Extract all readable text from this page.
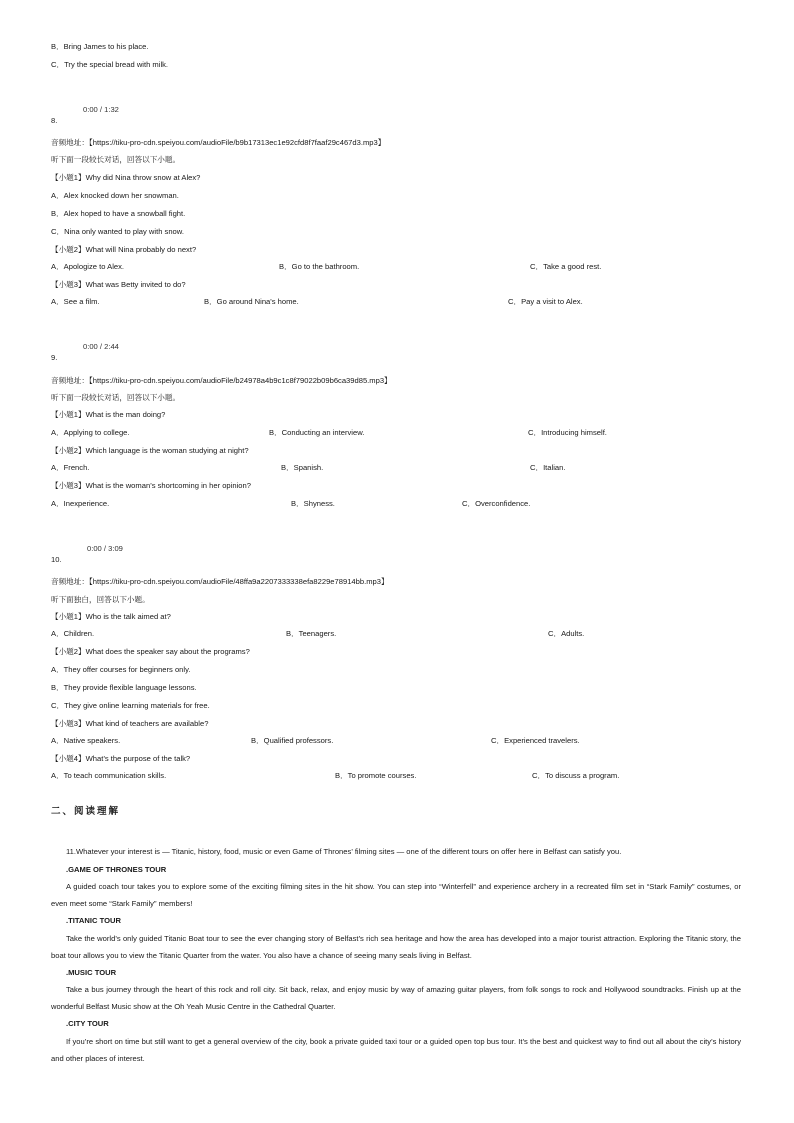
B．Bring James to his place.
C．Try the special bread with milk.
0:00 / 1:32
8.
音频地址：【https://tiku-pro-cdn.speiyou.com/audioFile/b9b17313ec1e92cfd8f7faaf29c467d3.mp3】
听下面一段较长对话，回答以下小题。
【小题1】Why did Nina throw snow at Alex?
A．Alex knocked down her snowman.
B．Alex hoped to have a snowball fight.
C．Nina only wanted to play with snow.
【小题2】What will Nina probably do next?
A．Apologize to Alex.	B．Go to the bathroom.	C．Take a good rest.
【小题3】What was Betty invited to do?
A．See a film.	B．Go around Nina's home.	C．Pay a visit to Alex.
0:00 / 2:44
9.
音频地址：【https://tiku-pro-cdn.speiyou.com/audioFile/b24978a4b9c1c8f79022b09b6ca39d85.mp3】
听下面一段较长对话，回答以下小题。
【小题1】What is the man doing?
A．Applying to college.	B．Conducting an interview.	C．Introducing himself.
【小题2】Which language is the woman studying at night?
A．French.	B．Spanish.	C．Italian.
【小题3】What is the woman’s shortcoming in her opinion?
A．Inexperience.	B．Shyness.	C．Overconfidence.
0:00 / 3:09
10.
音频地址：【https://tiku-pro-cdn.speiyou.com/audioFile/48ffa9a2207333338efa8229e78914bb.mp3】
听下面独白，回答以下小题。
【小题1】Who is the talk aimed at?
A．Children.	B．Teenagers.	C．Adults.
【小题2】What does the speaker say about the programs?
A．They offer courses for beginners only.
B．They provide flexible language lessons.
C．They give online learning materials for free.
【小题3】What kind of teachers are available?
A．Native speakers.	B．Qualified professors.	C．Experienced travelers.
【小题4】What’s the purpose of the talk?
A．To teach communication skills.	B．To promote courses.	C．To discuss a program.
二、阅读理解
11.Whatever your interest is — Titanic, history, food, music or even Game of Thrones’ filming sites — one of the different tours on offer here in Belfast can satisfy you.
.GAME OF THRONES TOUR
A guided coach tour takes you to explore some of the exciting filming sites in the hit show. You can step into “Winterfell” and experience archery in a recreated film set in “Stark Family” costumes, or even meet some “Stark Family” members!
.TITANIC TOUR
Take the world’s only guided Titanic Boat tour to see the ever changing story of Belfast’s rich sea heritage and how the area has developed into a major tourist attraction. Exploring the Titanic story, the boat tour allows you to view the Titanic Quarter from the water. You also have a chance of seeing many seals living in Belfast.
.MUSIC TOUR
Take a bus journey through the heart of this rock and roll city. Sit back, relax, and enjoy music by way of amazing guitar players, from folk songs to rock and Hollywood soundtracks. Finish up at the wonderful Belfast Music show at the Oh Yeah Music Centre in the Cathedral Quarter.
.CITY TOUR
If you’re short on time but still want to get a general overview of the city, book a private guided taxi tour or a guided open top bus tour. It’s the best and quickest way to find out all about the city’s history and other places of interest.
